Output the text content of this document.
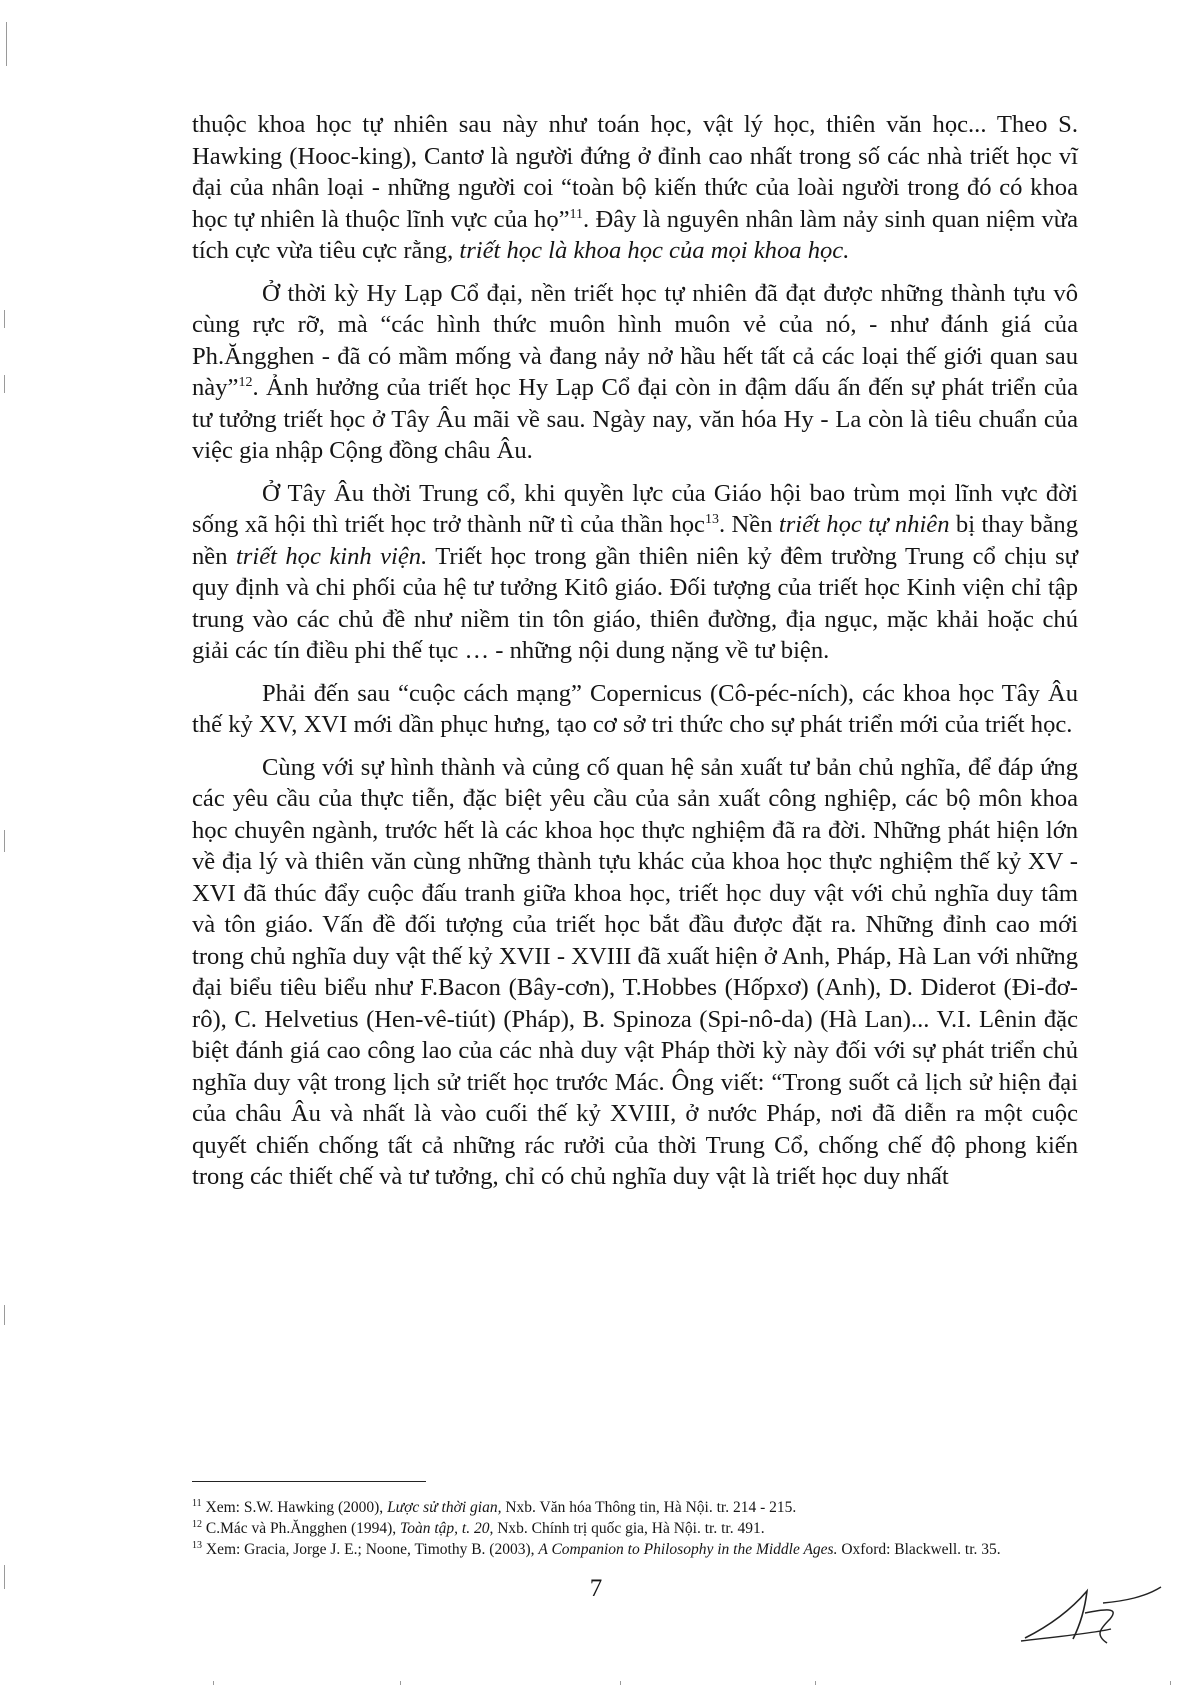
thuộc khoa học tự nhiên sau này như toán học, vật lý học, thiên văn học... Theo S. Hawking (Hooc-king), Cantơ là người đứng ở đỉnh cao nhất trong số các nhà triết học vĩ đại của nhân loại - những người coi “toàn bộ kiến thức của loài người trong đó có khoa học tự nhiên là thuộc lĩnh vực của họ”$^{11}$. Đây là nguyên nhân làm nảy sinh quan niệm vừa tích cực vừa tiêu cực rằng, triết học là khoa học của mọi khoa học.

Ở thời kỳ Hy Lạp Cổ đại, nền triết học tự nhiên đã đạt được những thành tựu vô cùng rực rỡ, mà “các hình thức muôn hình muôn vẻ của nó, - như đánh giá của Ph.Ăngghen - đã có mầm mống và đang nảy nở hầu hết tất cả các loại thế giới quan sau này”$^{12}$. Ảnh hưởng của triết học Hy Lạp Cổ đại còn in đậm dấu ấn đến sự phát triển của tư tưởng triết học ở Tây Âu mãi về sau. Ngày nay, văn hóa Hy - La còn là tiêu chuẩn của việc gia nhập Cộng đồng châu Âu.

Ở Tây Âu thời Trung cổ, khi quyền lực của Giáo hội bao trùm mọi lĩnh vực đời sống xã hội thì triết học trở thành nữ tì của thần học$^{13}$. Nền triết học tự nhiên bị thay bằng nền triết học kinh viện. Triết học trong gần thiên niên kỷ đêm trường Trung cổ chịu sự quy định và chi phối của hệ tư tưởng Kitô giáo. Đối tượng của triết học Kinh viện chỉ tập trung vào các chủ đề như niềm tin tôn giáo, thiên đường, địa ngục, mặc khải hoặc chú giải các tín điều phi thế tục … - những nội dung nặng về tư biện.

Phải đến sau “cuộc cách mạng” Copernicus (Cô-péc-ních), các khoa học Tây Âu thế kỷ XV, XVI mới dần phục hưng, tạo cơ sở tri thức cho sự phát triển mới của triết học.

Cùng với sự hình thành và củng cố quan hệ sản xuất tư bản chủ nghĩa, để đáp ứng các yêu cầu của thực tiễn, đặc biệt yêu cầu của sản xuất công nghiệp, các bộ môn khoa học chuyên ngành, trước hết là các khoa học thực nghiệm đã ra đời. Những phát hiện lớn về địa lý và thiên văn cùng những thành tựu khác của khoa học thực nghiệm thế kỷ XV - XVI đã thúc đẩy cuộc đấu tranh giữa khoa học, triết học duy vật với chủ nghĩa duy tâm và tôn giáo. Vấn đề đối tượng của triết học bắt đầu được đặt ra. Những đỉnh cao mới trong chủ nghĩa duy vật thế kỷ XVII - XVIII đã xuất hiện ở Anh, Pháp, Hà Lan với những đại biểu tiêu biểu như F.Bacon (Bây-cơn), T.Hobbes (Hốpxơ) (Anh), D. Diderot (Đi-đơ-rô), C. Helvetius (Hen-vê-tiút) (Pháp), B. Spinoza (Spi-nô-da) (Hà Lan)... V.I. Lênin đặc biệt đánh giá cao công lao của các nhà duy vật Pháp thời kỳ này đối với sự phát triển chủ nghĩa duy vật trong lịch sử triết học trước Mác. Ông viết: “Trong suốt cả lịch sử hiện đại của châu Âu và nhất là vào cuối thế kỷ XVIII, ở nước Pháp, nơi đã diễn ra một cuộc quyết chiến chống tất cả những rác rưởi của thời Trung Cổ, chống chế độ phong kiến trong các thiết chế và tư tưởng, chỉ có chủ nghĩa duy vật là triết học duy nhất

$^{11}$ Xem: S.W. Hawking (2000), Lược sử thời gian, Nxb. Văn hóa Thông tin, Hà Nội. tr. 214 - 215.

$^{12}$ C.Mác và Ph.Ăngghen (1994), Toàn tập, t. 20, Nxb. Chính trị quốc gia, Hà Nội. tr. tr. 491.

$^{13}$ Xem: Gracia, Jorge J. E.; Noone, Timothy B. (2003), A Companion to Philosophy in the Middle Ages. Oxford: Blackwell. tr. 35.

7
